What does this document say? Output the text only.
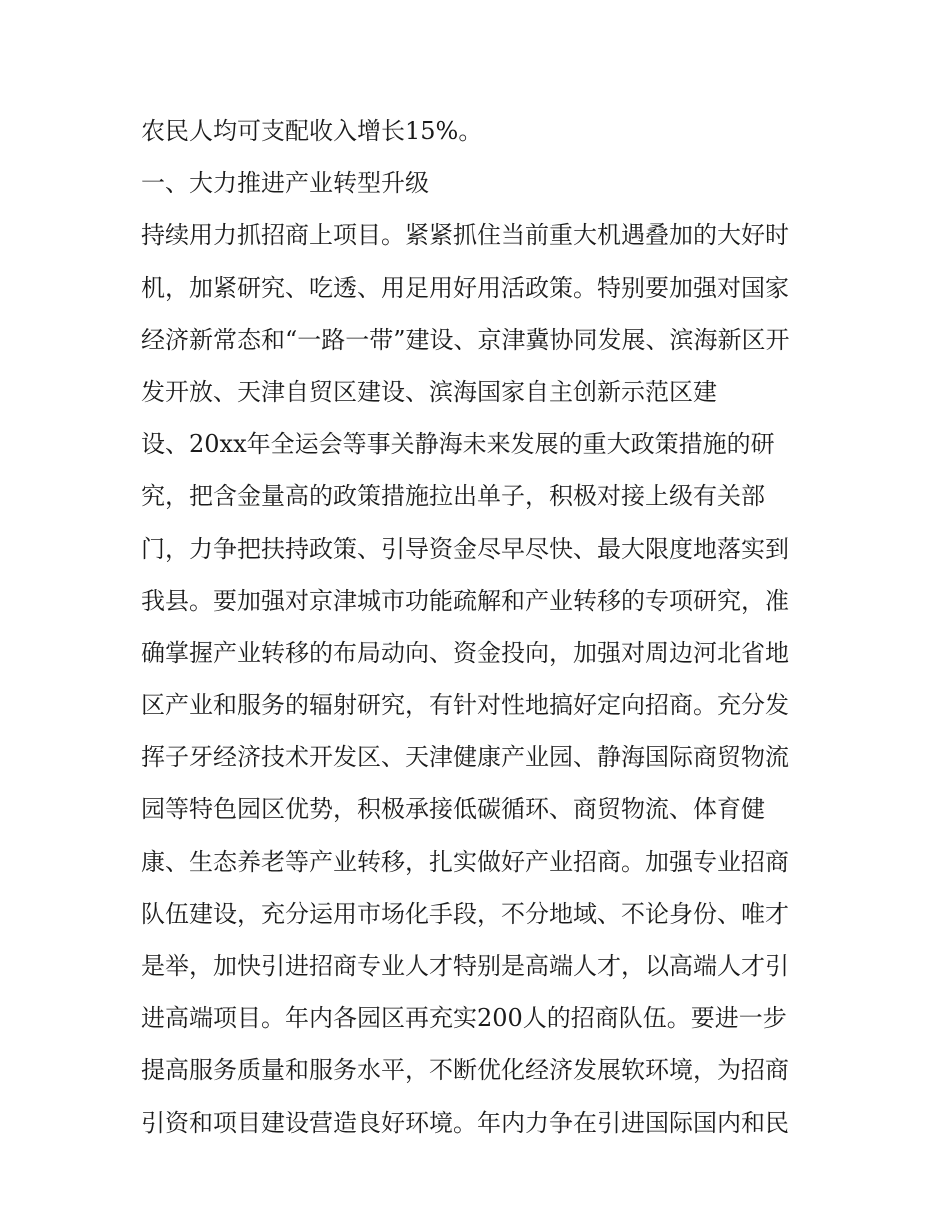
农民人均可支配收入增长15%。
一、大力推进产业转型升级
持续用力抓招商上项目。紧紧抓住当前重大机遇叠加的大好时
机，加紧研究、吃透、用足用好用活政策。特别要加强对国家
经济新常态和“一路一带”建设、京津冀协同发展、滨海新区开
发开放、天津自贸区建设、滨海国家自主创新示范区建
设、20xx年全运会等事关静海未来发展的重大政策措施的研
究，把含金量高的政策措施拉出单子，积极对接上级有关部
门，力争把扶持政策、引导资金尽早尽快、最大限度地落实到
我县。要加强对京津城市功能疏解和产业转移的专项研究，准
确掌握产业转移的布局动向、资金投向，加强对周边河北省地
区产业和服务的辐射研究，有针对性地搞好定向招商。充分发
挥子牙经济技术开发区、天津健康产业园、静海国际商贸物流
园等特色园区优势，积极承接低碳循环、商贸物流、体育健
康、生态养老等产业转移，扎实做好产业招商。加强专业招商
队伍建设，充分运用市场化手段，不分地域、不论身份、唯才
是举，加快引进招商专业人才特别是高端人才，以高端人才引
进高端项目。年内各园区再充实200人的招商队伍。要进一步
提高服务质量和服务水平，不断优化经济发展软环境，为招商
引资和项目建设营造良好环境。年内力争在引进国际国内和民
